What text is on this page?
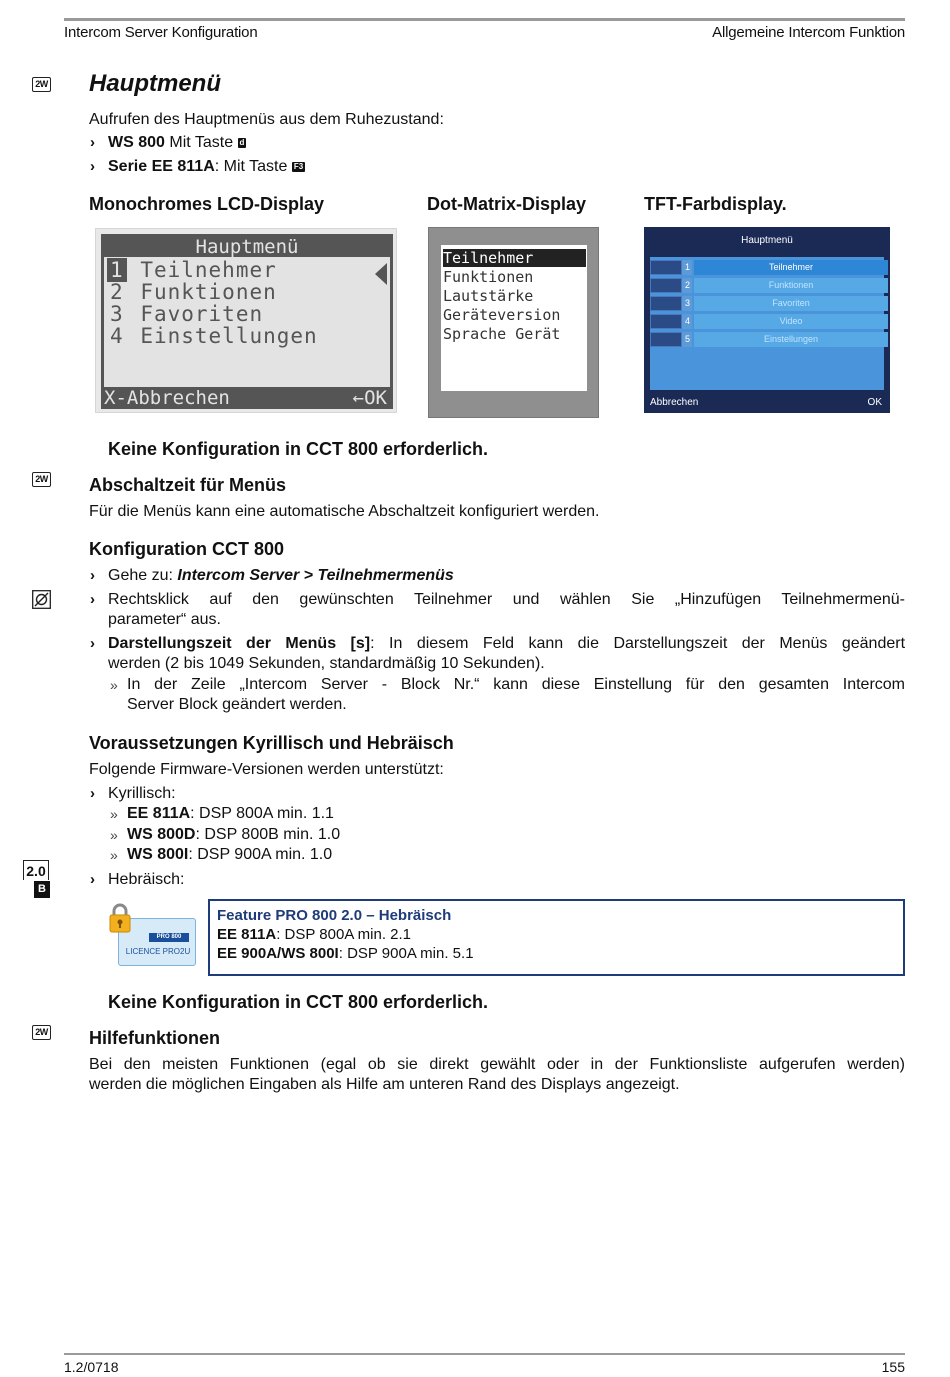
Intercom Server Konfiguration	Allgemeine Intercom Funktion
2W Hauptmenü
Aufrufen des Hauptmenüs aus dem Ruhezustand:
› WS 800 Mit Taste d
› Serie EE 811A: Mit Taste F3
Monochromes LCD-Display	Dot-Matrix-Display	TFT-Farbdisplay.
Hauptmenü
1 Teilnehmer
2 Funktionen
3 Favoriten
4 Einstellungen
X-Abbrechen	←OK
Teilnehmer
Funktionen
Lautstärke
Geräteversion
Sprache Gerät
Hauptmenü
1	Teilnehmer
2	Funktionen
3	Favoriten
4	Video
5	Einstellungen
Abbrechen	OK
Keine Konfiguration in CCT 800 erforderlich.
2W Abschaltzeit für Menüs
Für die Menüs kann eine automatische Abschaltzeit konfiguriert werden.
Konfiguration CCT 800
› Gehe zu: Intercom Server > Teilnehmermenüs
› Rechtsklick auf den gewünschten Teilnehmer und wählen Sie „Hinzufügen Teilnehmermenü-
parameter“ aus.
› Darstellungszeit der Menüs [s]: In diesem Feld kann die Darstellungszeit der Menüs geändert
werden (2 bis 1049 Sekunden, standardmäßig 10 Sekunden).
» In der Zeile „Intercom Server - Block Nr.“ kann diese Einstellung für den gesamten Intercom
Server Block geändert werden.
Voraussetzungen Kyrillisch und Hebräisch
Folgende Firmware-Versionen werden unterstützt:
› Kyrillisch:
» EE 811A: DSP 800A min. 1.1
» WS 800D: DSP 800B min. 1.0
» WS 800I: DSP 900A min. 1.0
2.0
B
› Hebräisch:
PRO 800
LICENCE PRO2U
Feature PRO 800 2.0 – Hebräisch
EE 811A: DSP 800A min. 2.1
EE 900A/WS 800I: DSP 900A min. 5.1
Keine Konfiguration in CCT 800 erforderlich.
2W Hilfefunktionen
Bei den meisten Funktionen (egal ob sie direkt gewählt oder in der Funktionsliste aufgerufen werden)
werden die möglichen Eingaben als Hilfe am unteren Rand des Displays angezeigt.
1.2/0718	155
